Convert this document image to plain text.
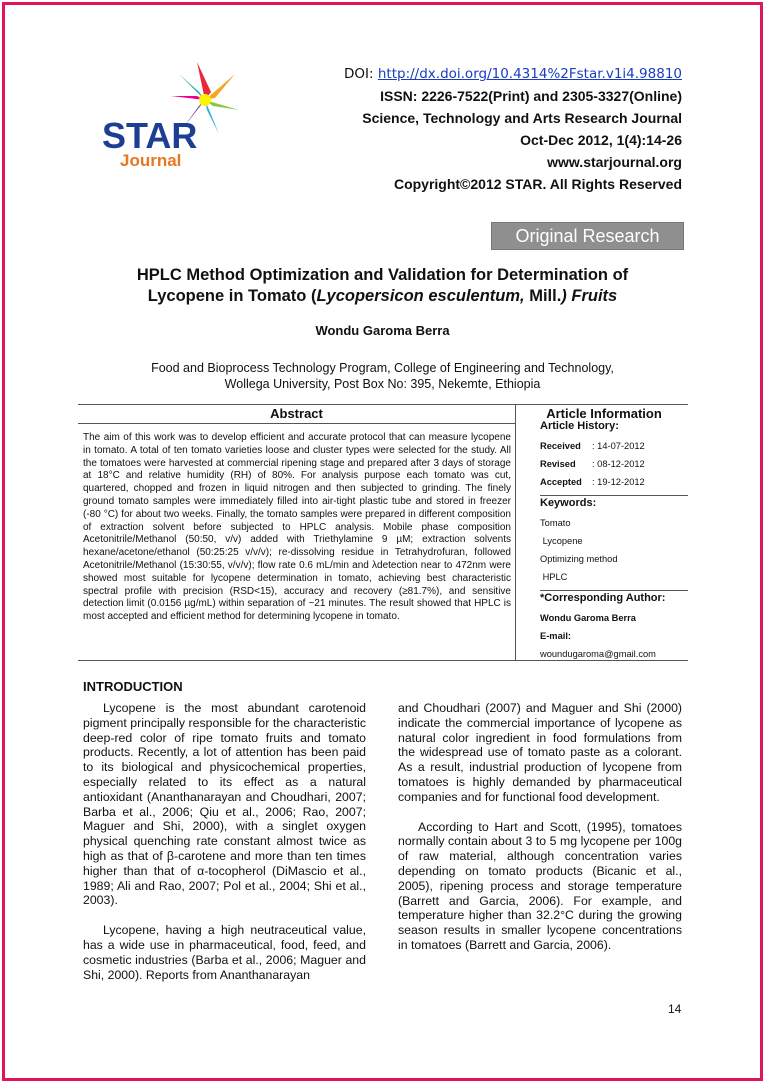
STAR
Journal
DOI: http://dx.doi.org/10.4314%2Fstar.v1i4.98810
ISSN: 2226-7522(Print) and 2305-3327(Online)
Science, Technology and Arts Research Journal
Oct-Dec 2012, 1(4):14-26
www.starjournal.org
Copyright©2012 STAR. All Rights Reserved
Original Research
HPLC Method Optimization and Validation for Determination of
Lycopene in Tomato (Lycopersicon esculentum, Mill.) Fruits
Wondu Garoma Berra
Food and Bioprocess Technology Program, College of Engineering and Technology,
Wollega University, Post Box No: 395, Nekemte, Ethiopia
Abstract
The aim of this work was to develop efficient and accurate protocol that can measure lycopene in tomato. A total of ten tomato varieties loose and cluster types were selected for the study. All the tomatoes were harvested at commercial ripening stage and prepared after 3 days of storage at 18°C and relative humidity (RH) of 80%. For analysis purpose each tomato was cut, quartered, chopped and frozen in liquid nitrogen and then subjected to grinding. The finely ground tomato samples were immediately filled into air-tight plastic tube and stored in freezer (-80 °C) for about two weeks. Finally, the tomato samples were prepared in different composition of extraction solvent before subjected to HPLC analysis. Mobile phase composition Acetonitrile/Methanol (50:50, v/v) added with Triethylamine 9 µM; extraction solvents hexane/acetone/ethanol (50:25:25 v/v/v); re-dissolving residue in Tetrahydrofuran, followed Acetonitrile/Methanol (15:30:55, v/v/v); flow rate 0.6 mL/min and λdetection near to 472nm were showed most suitable for lycopene determination in tomato, achieving best characteristic spectral profile with precision (RSD<15), accuracy and recovery (≥81.7%), and sensitive detection limit (0.0156 µg/mL) within separation of ~21 minutes. The result showed that HPLC is most accepted and efficient method for determining lycopene in tomato.
Article Information
Article History:
Received : 14-07-2012
Revised : 08-12-2012
Accepted : 19-12-2012
Keywords:
Tomato
Lycopene
Optimizing method
HPLC
*Corresponding Author:
Wondu Garoma Berra
E-mail:
woundugaroma@gmail.com
INTRODUCTION

Lycopene is the most abundant carotenoid pigment principally responsible for the characteristic deep-red color of ripe tomato fruits and tomato products. Recently, a lot of attention has been paid to its biological and physicochemical properties, especially related to its effect as a natural antioxidant (Ananthanarayan and Choudhari, 2007; Barba et al., 2006; Qiu et al., 2006; Rao, 2007; Maguer and Shi, 2000), with a singlet oxygen physical quenching rate constant almost twice as high as that of β-carotene and more than ten times higher than that of α-tocopherol (DiMascio et al., 1989; Ali and Rao, 2007; Pol et al., 2004; Shi et al., 2003).

Lycopene, having a high neutraceutical value, has a wide use in pharmaceutical, food, feed, and cosmetic industries (Barba et al., 2006; Maguer and Shi, 2000). Reports from Ananthanarayan

and Choudhari (2007) and Maguer and Shi (2000) indicate the commercial importance of lycopene as natural color ingredient in food formulations from the widespread use of tomato paste as a colorant. As a result, industrial production of lycopene from tomatoes is highly demanded by pharmaceutical companies and for functional food development.

According to Hart and Scott, (1995), tomatoes normally contain about 3 to 5 mg lycopene per 100g of raw material, although concentration varies depending on tomato products (Bicanic et al., 2005), ripening process and storage temperature (Barrett and Garcia, 2006). For example, and temperature higher than 32.2°C during the growing season results in smaller lycopene concentrations in tomatoes (Barrett and Garcia, 2006).

14
